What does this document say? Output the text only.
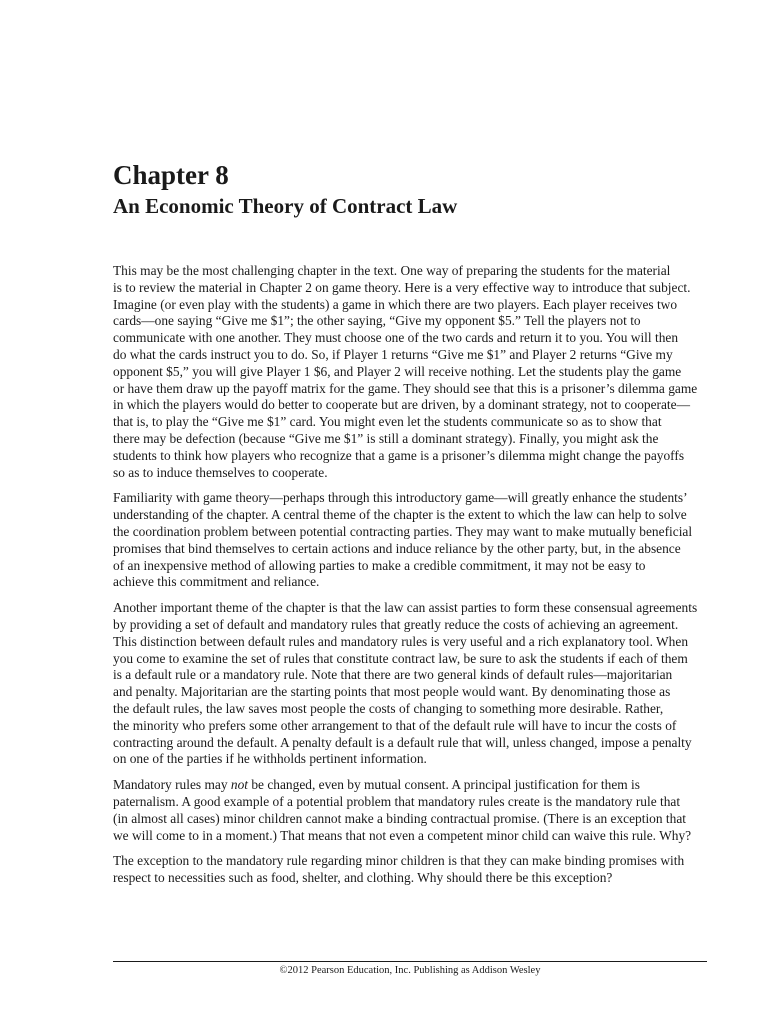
Chapter 8
An Economic Theory of Contract Law

This may be the most challenging chapter in the text. One way of preparing the students for the material
is to review the material in Chapter 2 on game theory. Here is a very effective way to introduce that subject.
Imagine (or even play with the students) a game in which there are two players. Each player receives two
cards—one saying “Give me $1”; the other saying, “Give my opponent $5.” Tell the players not to
communicate with one another. They must choose one of the two cards and return it to you. You will then
do what the cards instruct you to do. So, if Player 1 returns “Give me $1” and Player 2 returns “Give my
opponent $5,” you will give Player 1 $6, and Player 2 will receive nothing. Let the students play the game
or have them draw up the payoff matrix for the game. They should see that this is a prisoner’s dilemma game
in which the players would do better to cooperate but are driven, by a dominant strategy, not to cooperate—
that is, to play the “Give me $1” card. You might even let the students communicate so as to show that
there may be defection (because “Give me $1” is still a dominant strategy). Finally, you might ask the
students to think how players who recognize that a game is a prisoner’s dilemma might change the payoffs
so as to induce themselves to cooperate.

Familiarity with game theory—perhaps through this introductory game—will greatly enhance the students’
understanding of the chapter. A central theme of the chapter is the extent to which the law can help to solve
the coordination problem between potential contracting parties. They may want to make mutually beneficial
promises that bind themselves to certain actions and induce reliance by the other party, but, in the absence
of an inexpensive method of allowing parties to make a credible commitment, it may not be easy to
achieve this commitment and reliance.

Another important theme of the chapter is that the law can assist parties to form these consensual agreements
by providing a set of default and mandatory rules that greatly reduce the costs of achieving an agreement.
This distinction between default rules and mandatory rules is very useful and a rich explanatory tool. When
you come to examine the set of rules that constitute contract law, be sure to ask the students if each of them
is a default rule or a mandatory rule. Note that there are two general kinds of default rules—majoritarian
and penalty. Majoritarian are the starting points that most people would want. By denominating those as
the default rules, the law saves most people the costs of changing to something more desirable. Rather,
the minority who prefers some other arrangement to that of the default rule will have to incur the costs of
contracting around the default. A penalty default is a default rule that will, unless changed, impose a penalty
on one of the parties if he withholds pertinent information.

Mandatory rules may not be changed, even by mutual consent. A principal justification for them is
paternalism. A good example of a potential problem that mandatory rules create is the mandatory rule that
(in almost all cases) minor children cannot make a binding contractual promise. (There is an exception that
we will come to in a moment.) That means that not even a competent minor child can waive this rule. Why?

The exception to the mandatory rule regarding minor children is that they can make binding promises with
respect to necessities such as food, shelter, and clothing. Why should there be this exception?

©2012 Pearson Education, Inc. Publishing as Addison Wesley
